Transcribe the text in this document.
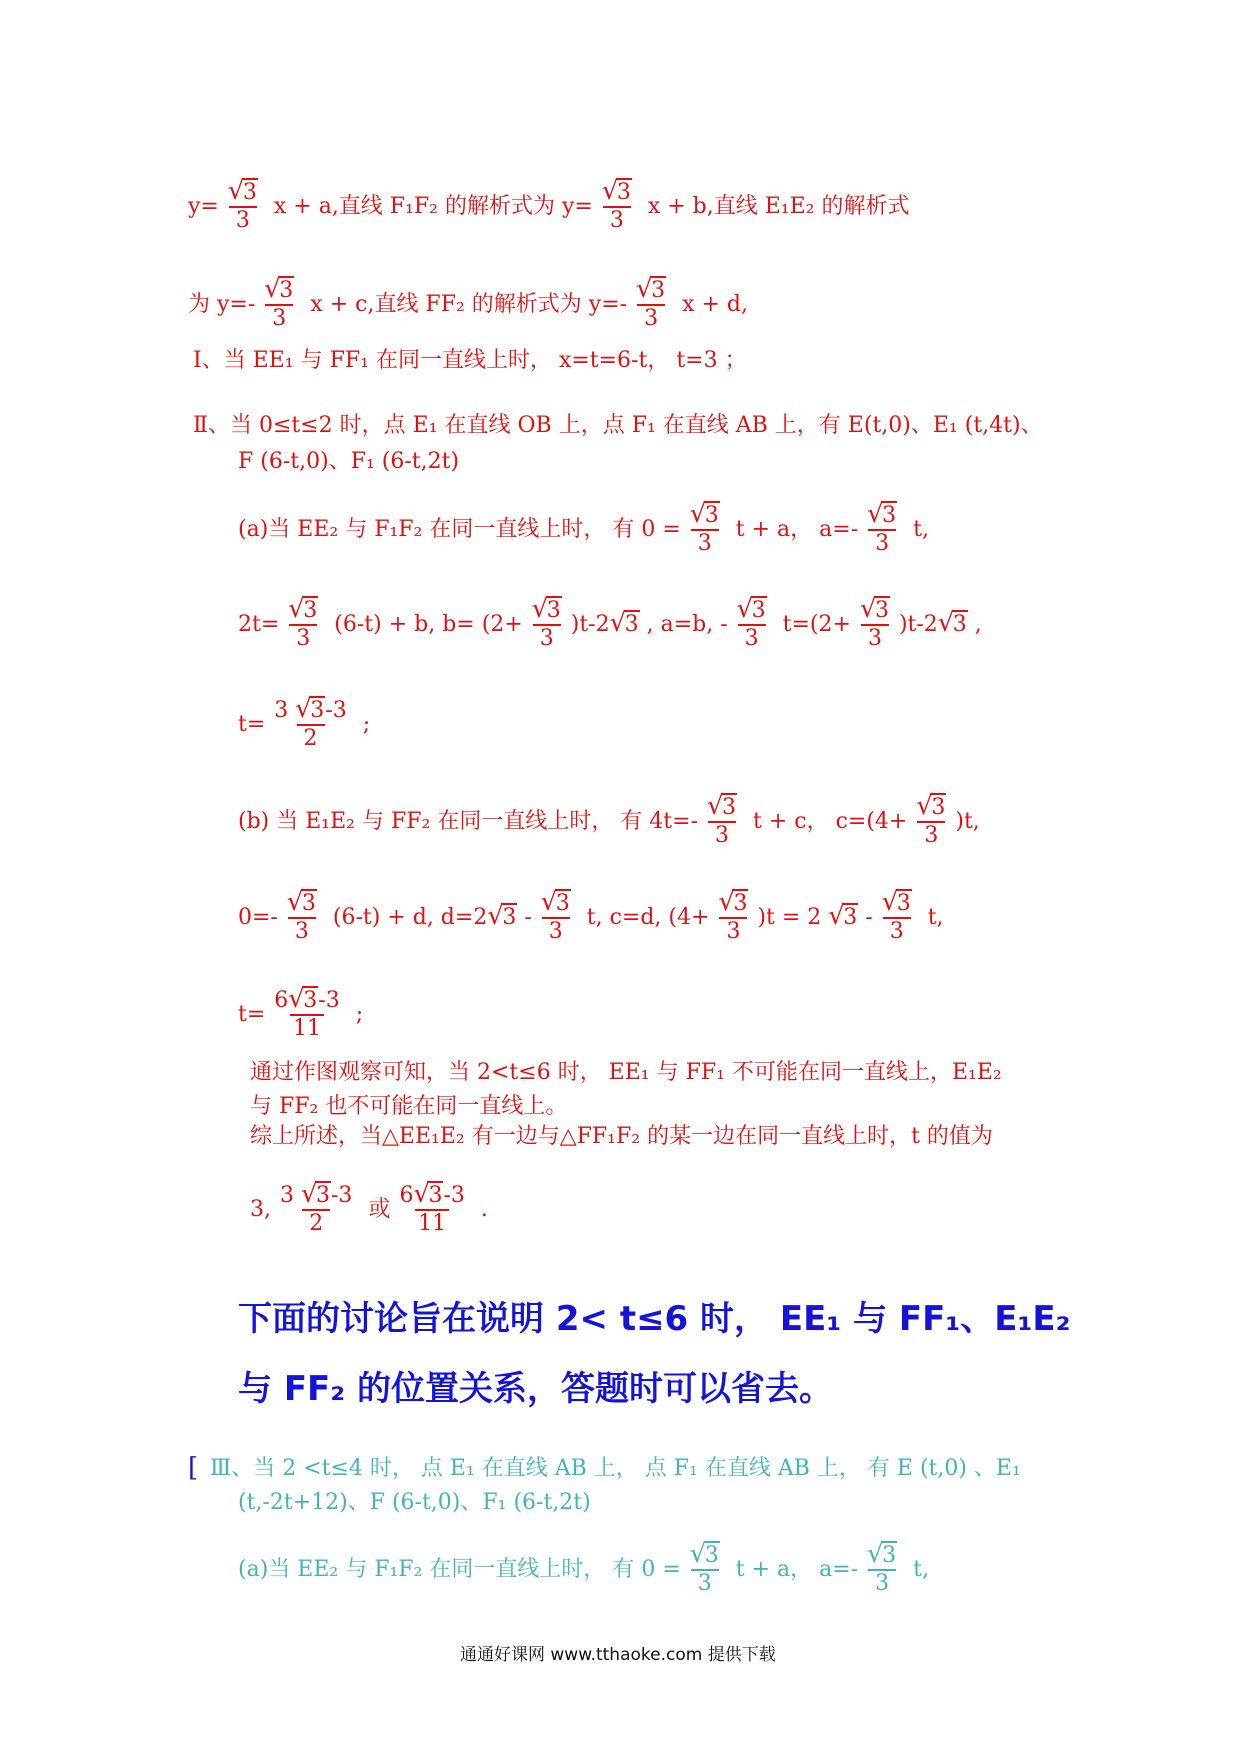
y= √
3
3 x + a,直线 F₁F₂ 的解析式为 y= √
3
3 x + b,直线 E₁E₂ 的解析式
为 y=- √
3
3 x + c,直线 FF₂ 的解析式为 y=- √
3
3 x + d,
Ⅰ、当 EE₁ 与 FF₁ 在同一直线上时， x=t=6-t， t=3 ；
Ⅱ、当 0≤t≤2 时，点 E₁ 在直线 OB 上，点 F₁ 在直线 AB 上，有 E(t,0)、E₁ (t,4t)、
F (6-t,0)、F₁ (6-t,2t)
(a)当 EE₂ 与 F₁F₂ 在同一直线上时， 有 0 = √
3
3 t + a， a=- √
3
3 t,
2t= √
3
3 (6-t) + b, b= (2+ √
3
3 )t-2 √
3 , a=b, - √
3
3 t=(2+ √
3
3 )t-2 √
3 ,
t= 3 √
3-3
2 ;
(b) 当 E₁E₂ 与 FF₂ 在同一直线上时， 有 4t=- √
3
3 t + c， c=(4+ √
3
3 )t,
0=- √
3
3 (6-t) + d, d=2 √
3 - √
3
3 t, c=d, (4+ √
3
3 )t = 2 √
3 - √
3
3 t,
t= 6 √
3-3
11 ;
通过作图观察可知，当 2<t≤6 时， EE₁ 与 FF₁ 不可能在同一直线上，E₁E₂
与 FF₂ 也不可能在同一直线上。
综上所述，当△EE₁E₂ 有一边与△FF₁F₂ 的某一边在同一直线上时，t 的值为
3, 3 √
3-3
2 或 6 √
3-3
11 .
下面的讨论旨在说明 2< t≤6 时， EE₁ 与 FF₁、E₁E₂
与 FF₂ 的位置关系，答题时可以省去。
[ Ⅲ、当 2 <t≤4 时， 点 E₁ 在直线 AB 上， 点 F₁ 在直线 AB 上， 有 E (t,0) 、E₁
(t,-2t+12)、F (6-t,0)、F₁ (6-t,2t)
(a)当 EE₂ 与 F₁F₂ 在同一直线上时， 有 0 = √
3
3 t + a， a=- √
3
3 t,
通通好课网 www.tthaoke.com 提供下载
